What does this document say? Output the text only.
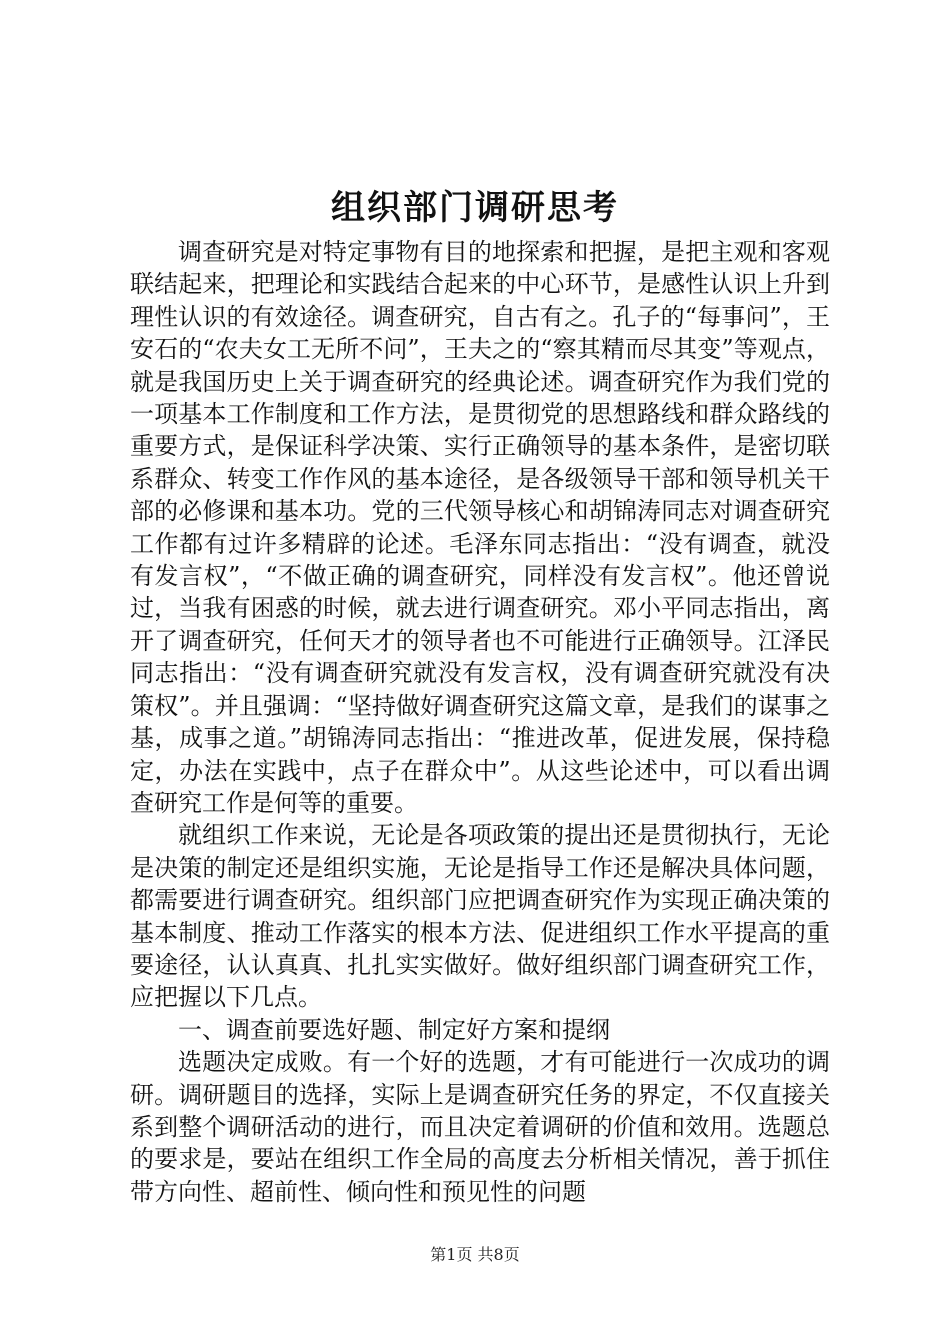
组织部门调研思考

调查研究是对特定事物有目的地探索和把握，是把主观和客观联结起来，把理论和实践结合起来的中心环节，是感性认识上升到理性认识的有效途径。调查研究，自古有之。孔子的“每事问”，王安石的“农夫女工无所不问”，王夫之的“察其精而尽其变”等观点，就是我国历史上关于调查研究的经典论述。调查研究作为我们党的一项基本工作制度和工作方法，是贯彻党的思想路线和群众路线的重要方式，是保证科学决策、实行正确领导的基本条件，是密切联系群众、转变工作作风的基本途径，是各级领导干部和领导机关干部的必修课和基本功。党的三代领导核心和胡锦涛同志对调查研究工作都有过许多精辟的论述。毛泽东同志指出：“没有调查，就没有发言权”，“不做正确的调查研究，同样没有发言权”。他还曾说过，当我有困惑的时候，就去进行调查研究。邓小平同志指出，离开了调查研究，任何天才的领导者也不可能进行正确领导。江泽民同志指出：“没有调查研究就没有发言权，没有调查研究就没有决策权”。并且强调：“坚持做好调查研究这篇文章，是我们的谋事之基，成事之道。”胡锦涛同志指出：“推进改革，促进发展，保持稳定，办法在实践中，点子在群众中”。从这些论述中，可以看出调查研究工作是何等的重要。

就组织工作来说，无论是各项政策的提出还是贯彻执行，无论是决策的制定还是组织实施，无论是指导工作还是解决具体问题，都需要进行调查研究。组织部门应把调查研究作为实现正确决策的基本制度、推动工作落实的根本方法、促进组织工作水平提高的重要途径，认认真真、扎扎实实做好。做好组织部门调查研究工作，应把握以下几点。

一、调查前要选好题、制定好方案和提纲

选题决定成败。有一个好的选题，才有可能进行一次成功的调研。调研题目的选择，实际上是调查研究任务的界定，不仅直接关系到整个调研活动的进行，而且决定着调研的价值和效用。选题总的要求是，要站在组织工作全局的高度去分析相关情况，善于抓住带方向性、超前性、倾向性和预见性的问题

第1页 共8页
